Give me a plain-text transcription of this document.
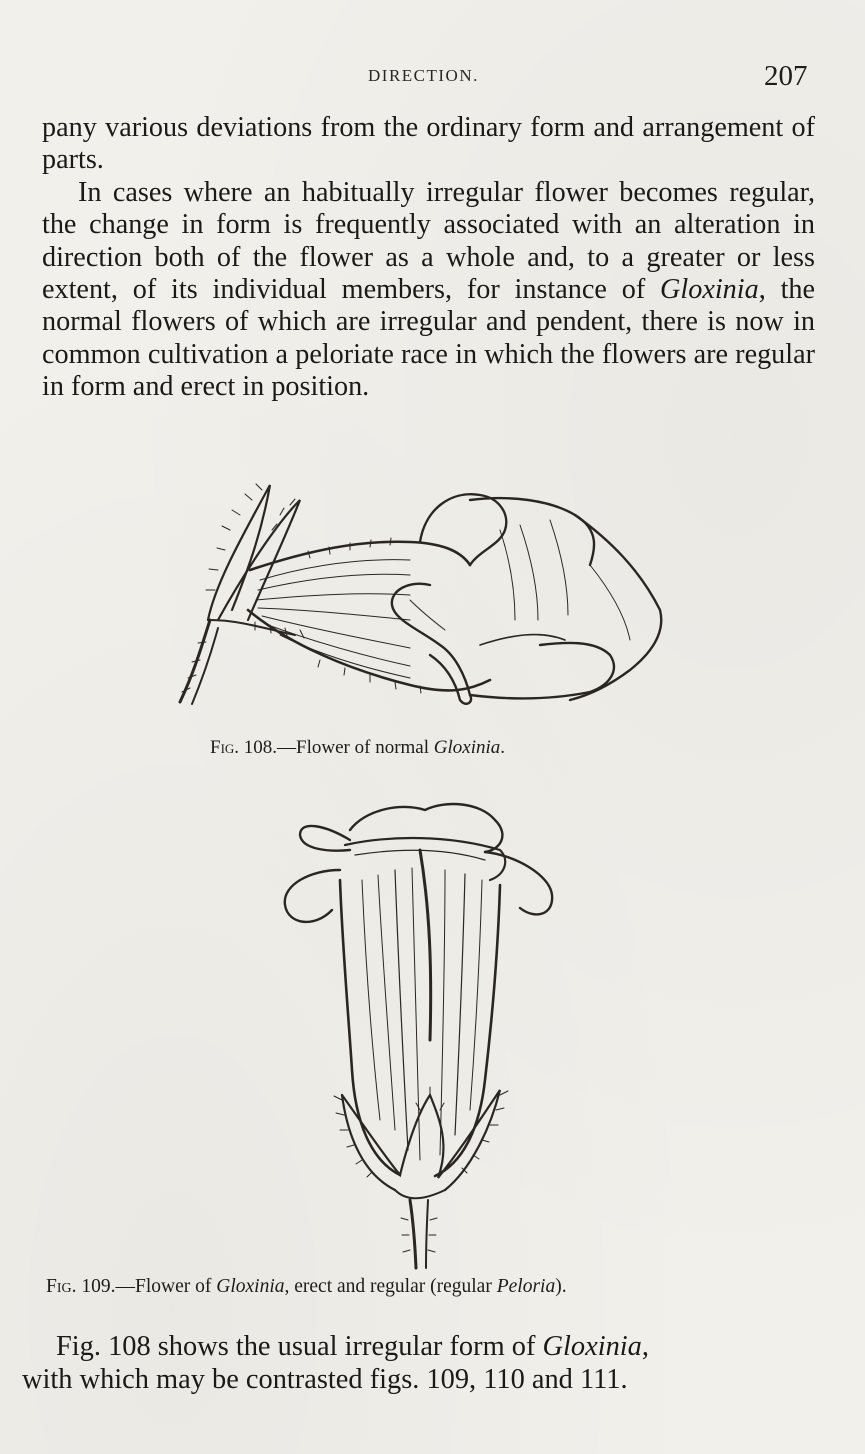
DIRECTION.	207

pany various deviations from the ordinary form and arrangement of parts.

In cases where an habitually irregular flower becomes regular, the change in form is frequently associated with an alteration in direction both of the flower as a whole and, to a greater or less extent, of its individual members, for instance of Gloxinia, the normal flowers of which are irregular and pendent, there is now in common cultivation a peloriate race in which the flowers are regular in form and erect in position.

Fig. 108.—Flower of normal Gloxinia.
Fig. 109.—Flower of Gloxinia, erect and regular (regular Peloria).
Fig. 108 shows the usual irregular form of Gloxinia,
with which may be contrasted figs. 109, 110 and 111.
